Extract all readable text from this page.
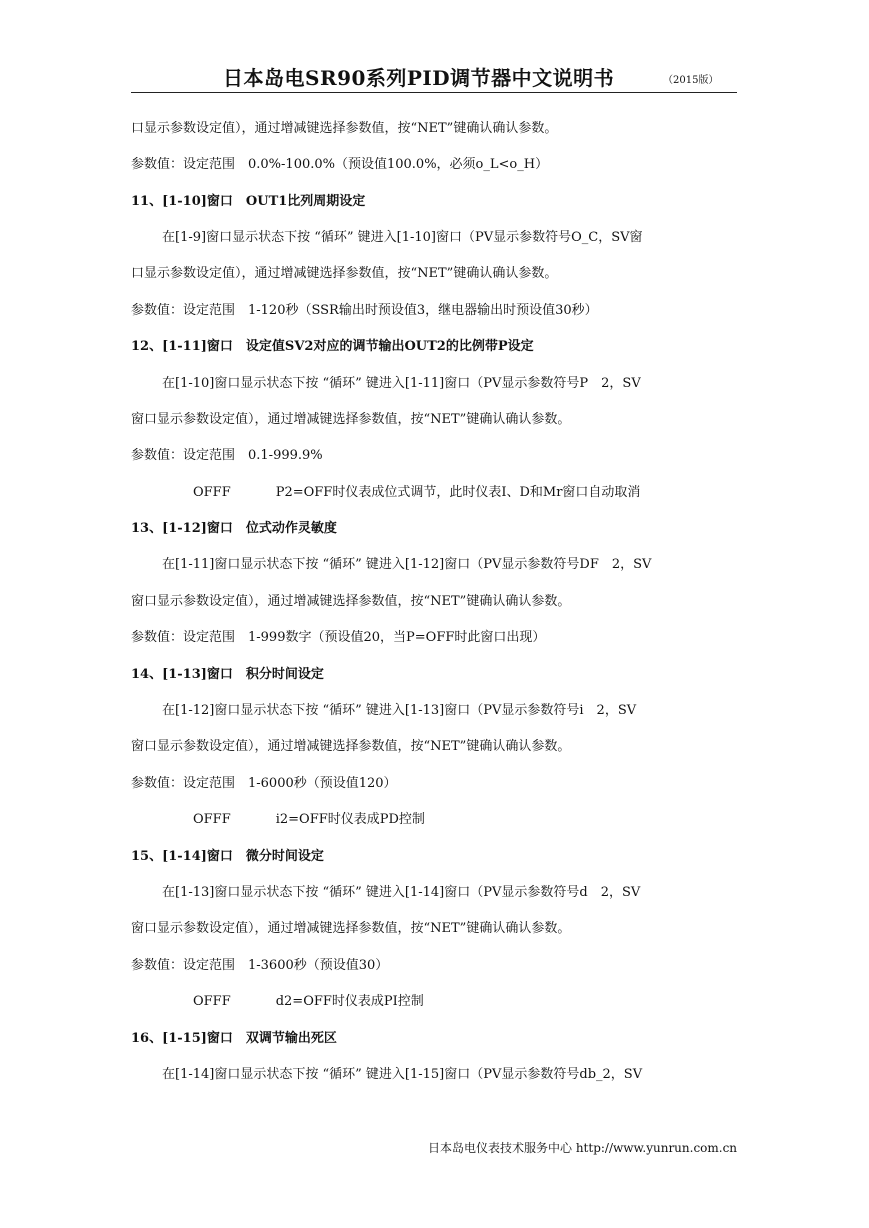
日本岛电SR90系列PID调节器中文说明书	（2015版）
口显示参数设定值），通过增减键选择参数值，按“NET”键确认确认参数。
参数值：设定范围　0.0%-100.0%（预设值100.0%，必须o_L<o_H）
11、[1-10]窗口　OUT1比列周期设定
在[1-9]窗口显示状态下按 “循环” 键进入[1-10]窗口（PV显示参数符号O_C，SV窗
口显示参数设定值），通过增减键选择参数值，按“NET”键确认确认参数。
参数值：设定范围　1-120秒（SSR输出时预设值3，继电器输出时预设值30秒）
12、[1-11]窗口　设定值SV2对应的调节输出OUT2的比例带P设定
在[1-10]窗口显示状态下按 “循环” 键进入[1-11]窗口（PV显示参数符号P　2，SV
窗口显示参数设定值），通过增减键选择参数值，按“NET”键确认确认参数。
参数值：设定范围　0.1-999.9%
OFFF	P2=OFF时仪表成位式调节，此时仪表I、D和Mr窗口自动取消
13、[1-12]窗口　位式动作灵敏度
在[1-11]窗口显示状态下按 “循环” 键进入[1-12]窗口（PV显示参数符号DF　2，SV
窗口显示参数设定值），通过增减键选择参数值，按“NET”键确认确认参数。
参数值：设定范围　1-999数字（预设值20，当P=OFF时此窗口出现）
14、[1-13]窗口　积分时间设定
在[1-12]窗口显示状态下按 “循环” 键进入[1-13]窗口（PV显示参数符号i　2，SV
窗口显示参数设定值），通过增减键选择参数值，按“NET”键确认确认参数。
参数值：设定范围　1-6000秒（预设值120）
OFFF	i2=OFF时仪表成PD控制
15、[1-14]窗口　微分时间设定
在[1-13]窗口显示状态下按 “循环” 键进入[1-14]窗口（PV显示参数符号d　2，SV
窗口显示参数设定值），通过增减键选择参数值，按“NET”键确认确认参数。
参数值：设定范围　1-3600秒（预设值30）
OFFF	d2=OFF时仪表成PI控制
16、[1-15]窗口　双调节输出死区
在[1-14]窗口显示状态下按 “循环” 键进入[1-15]窗口（PV显示参数符号db_2，SV
日本岛电仪表技术服务中心 http://www.yunrun.com.cn
